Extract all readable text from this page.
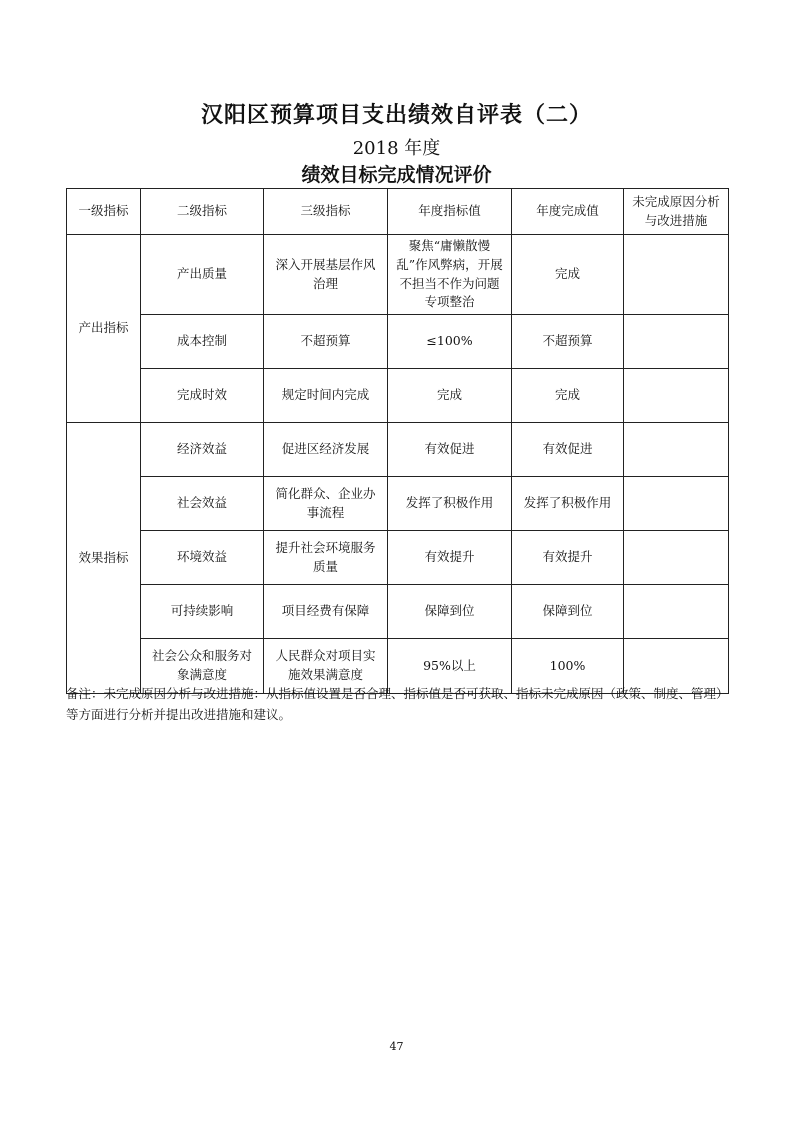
汉阳区预算项目支出绩效自评表（二）
2018 年度
绩效目标完成情况评价
一级指标	二级指标	三级指标	年度指标值	年度完成值	未完成原因分析与改进措施
产出指标	产出质量	深入开展基层作风治理	聚焦“庸懒散慢乱”作风弊病，开展不担当不作为问题专项整治	完成	
	成本控制	不超预算	≤100%	不超预算	
	完成时效	规定时间内完成	完成	完成	
效果指标	经济效益	促进区经济发展	有效促进	有效促进	
	社会效益	简化群众、企业办事流程	发挥了积极作用	发挥了积极作用	
	环境效益	提升社会环境服务质量	有效提升	有效提升	
	可持续影响	项目经费有保障	保障到位	保障到位	
	社会公众和服务对象满意度	人民群众对项目实施效果满意度	95%以上	100%	
备注：未完成原因分析与改进措施：从指标值设置是否合理、指标值是否可获取、指标未完成原因（政策、制度、管理）等方面进行分析并提出改进措施和建议。
47
